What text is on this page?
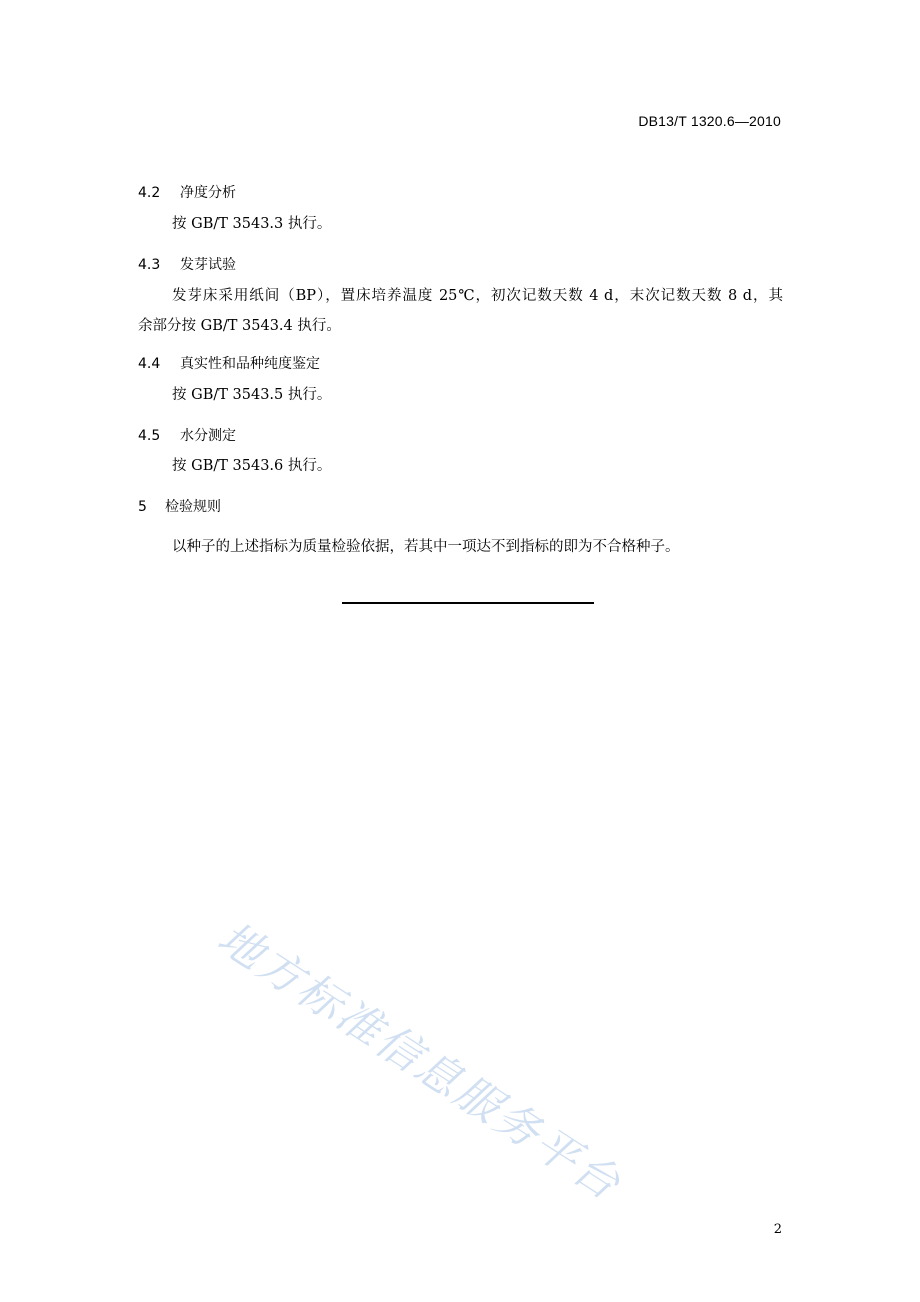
DB13/T 1320.6—2010
4.2 净度分析
按 GB/T 3543.3 执行。
4.3 发芽试验
发芽床采用纸间（BP），置床培养温度 25℃，初次记数天数 4 d，末次记数天数 8 d，其
余部分按 GB/T 3543.4 执行。
4.4 真实性和品种纯度鉴定
按 GB/T 3543.5 执行。
4.5 水分测定
按 GB/T 3543.6 执行。
5 检验规则
以种子的上述指标为质量检验依据，若其中一项达不到指标的即为不合格种子。
地方标准信息服务平台
2
